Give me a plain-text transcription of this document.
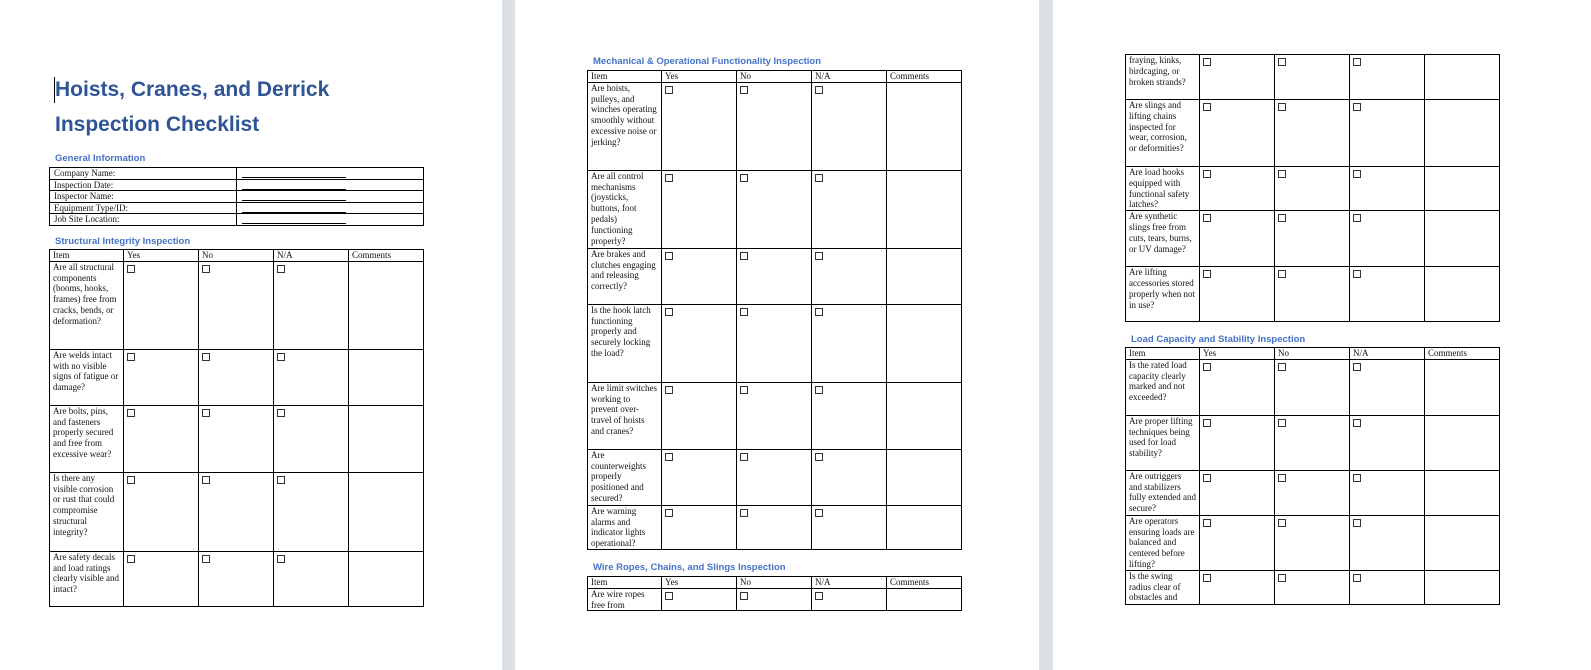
Hoists, Cranes, and Derrick
Inspection Checklist
General Information
Company Name:	
Inspection Date:	
Inspector Name:	
Equipment Type/ID:	
Job Site Location:	
Structural Integrity Inspection
Item	Yes	No	N/A	Comments
Are all structural components (booms, hooks, frames) free from cracks, bends, or deformation?				
Are welds intact with no visible signs of fatigue or damage?				
Are bolts, pins, and fasteners properly secured and free from excessive wear?				
Is there any visible corrosion or rust that could compromise structural integrity?				
Are safety decals and load ratings clearly visible and intact?				
Mechanical & Operational Functionality Inspection
Item	Yes	No	N/A	Comments
Are hoists, pulleys, and winches operating smoothly without excessive noise or jerking?				
Are all control mechanisms (joysticks, buttons, foot pedals) functioning properly?				
Are brakes and clutches engaging and releasing correctly?				
Is the hook latch functioning properly and securely locking the load?				
Are limit switches working to prevent over-travel of hoists and cranes?				
Are counterweights properly positioned and secured?				
Are warning alarms and indicator lights operational?				
Wire Ropes, Chains, and Slings Inspection
Item	Yes	No	N/A	Comments
Are wire ropes free from				
fraying, kinks, birdcaging, or broken strands?				
Are slings and lifting chains inspected for wear, corrosion, or deformities?				
Are load hooks equipped with functional safety latches?				
Are synthetic slings free from cuts, tears, burns, or UV damage?				
Are lifting accessories stored properly when not in use?				
Load Capacity and Stability Inspection
Item	Yes	No	N/A	Comments
Is the rated load capacity clearly marked and not exceeded?				
Are proper lifting techniques being used for load stability?				
Are outriggers and stabilizers fully extended and secure?				
Are operators ensuring loads are balanced and centered before lifting?				
Is the swing radius clear of obstacles and				
